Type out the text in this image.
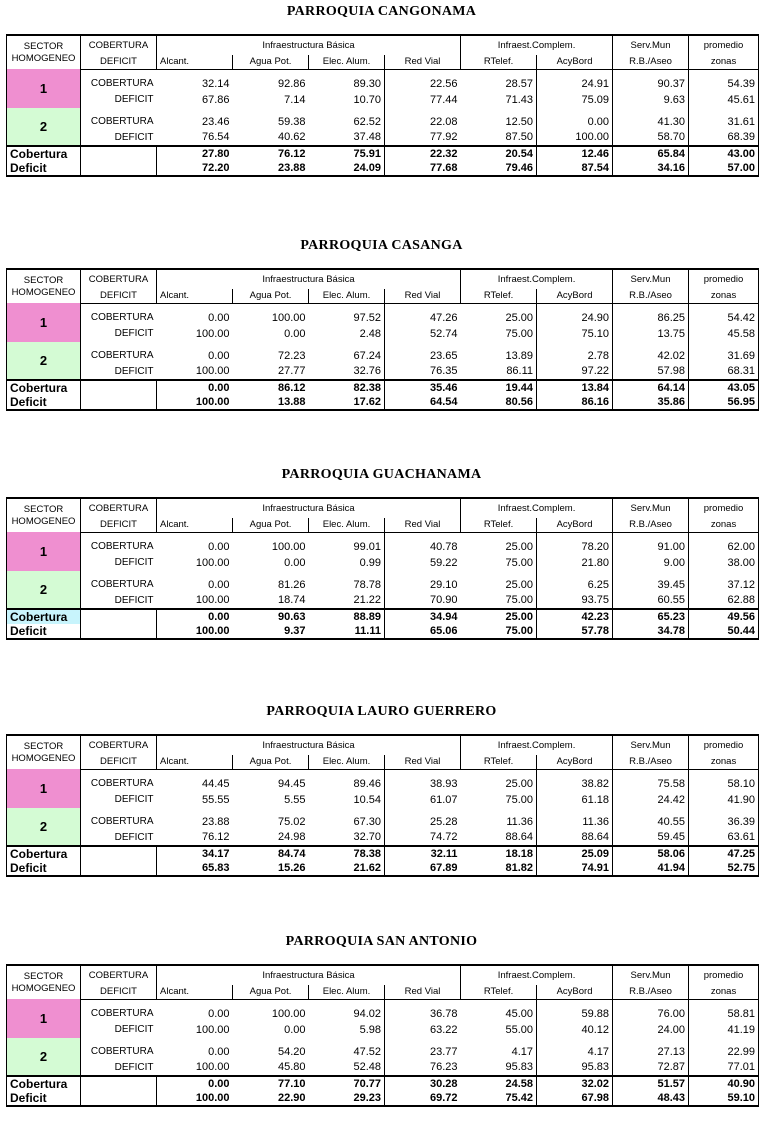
PARROQUIA CANGONAMA
SECTOR
HOMOGENEO	COBERTURA	Infraestructura Básica				Infraest.Complem.		Serv.Mun	promedio
	DEFICIT	Alcant.	Agua Pot.	Elec. Alum.	Red Vial	RTelef.	AcyBord	R.B./Aseo	zonas
1									
	COBERTURA	32.14	92.86	89.30	22.56	28.57	24.91	90.37	54.39
	DEFICIT	67.86	7.14	10.70	77.44	71.43	75.09	9.63	45.61
2									
	COBERTURA	23.46	59.38	62.52	22.08	12.50	0.00	41.30	31.61
	DEFICIT	76.54	40.62	37.48	77.92	87.50	100.00	58.70	68.39
Cobertura		27.80	76.12	75.91	22.32	20.54	12.46	65.84	43.00
Deficit		72.20	23.88	24.09	77.68	79.46	87.54	34.16	57.00
PARROQUIA CASANGA
SECTOR
HOMOGENEO	COBERTURA	Infraestructura Básica				Infraest.Complem.		Serv.Mun	promedio
	DEFICIT	Alcant.	Agua Pot.	Elec. Alum.	Red Vial	RTelef.	AcyBord	R.B./Aseo	zonas
1									
	COBERTURA	0.00	100.00	97.52	47.26	25.00	24.90	86.25	54.42
	DEFICIT	100.00	0.00	2.48	52.74	75.00	75.10	13.75	45.58
2									
	COBERTURA	0.00	72.23	67.24	23.65	13.89	2.78	42.02	31.69
	DEFICIT	100.00	27.77	32.76	76.35	86.11	97.22	57.98	68.31
Cobertura		0.00	86.12	82.38	35.46	19.44	13.84	64.14	43.05
Deficit		100.00	13.88	17.62	64.54	80.56	86.16	35.86	56.95
PARROQUIA GUACHANAMA
SECTOR
HOMOGENEO	COBERTURA	Infraestructura Básica				Infraest.Complem.		Serv.Mun	promedio
	DEFICIT	Alcant.	Agua Pot.	Elec. Alum.	Red Vial	RTelef.	AcyBord	R.B./Aseo	zonas
1									
	COBERTURA	0.00	100.00	99.01	40.78	25.00	78.20	91.00	62.00
	DEFICIT	100.00	0.00	0.99	59.22	75.00	21.80	9.00	38.00
2									
	COBERTURA	0.00	81.26	78.78	29.10	25.00	6.25	39.45	37.12
	DEFICIT	100.00	18.74	21.22	70.90	75.00	93.75	60.55	62.88
Cobertura		0.00	90.63	88.89	34.94	25.00	42.23	65.23	49.56
Deficit		100.00	9.37	11.11	65.06	75.00	57.78	34.78	50.44
PARROQUIA LAURO GUERRERO
SECTOR
HOMOGENEO	COBERTURA	Infraestructura Básica				Infraest.Complem.		Serv.Mun	promedio
	DEFICIT	Alcant.	Agua Pot.	Elec. Alum.	Red Vial	RTelef.	AcyBord	R.B./Aseo	zonas
1									
	COBERTURA	44.45	94.45	89.46	38.93	25.00	38.82	75.58	58.10
	DEFICIT	55.55	5.55	10.54	61.07	75.00	61.18	24.42	41.90
2									
	COBERTURA	23.88	75.02	67.30	25.28	11.36	11.36	40.55	36.39
	DEFICIT	76.12	24.98	32.70	74.72	88.64	88.64	59.45	63.61
Cobertura		34.17	84.74	78.38	32.11	18.18	25.09	58.06	47.25
Deficit		65.83	15.26	21.62	67.89	81.82	74.91	41.94	52.75
PARROQUIA SAN ANTONIO
SECTOR
HOMOGENEO	COBERTURA	Infraestructura Básica				Infraest.Complem.		Serv.Mun	promedio
	DEFICIT	Alcant.	Agua Pot.	Elec. Alum.	Red Vial	RTelef.	AcyBord	R.B./Aseo	zonas
1									
	COBERTURA	0.00	100.00	94.02	36.78	45.00	59.88	76.00	58.81
	DEFICIT	100.00	0.00	5.98	63.22	55.00	40.12	24.00	41.19
2									
	COBERTURA	0.00	54.20	47.52	23.77	4.17	4.17	27.13	22.99
	DEFICIT	100.00	45.80	52.48	76.23	95.83	95.83	72.87	77.01
Cobertura		0.00	77.10	70.77	30.28	24.58	32.02	51.57	40.90
Deficit		100.00	22.90	29.23	69.72	75.42	67.98	48.43	59.10
